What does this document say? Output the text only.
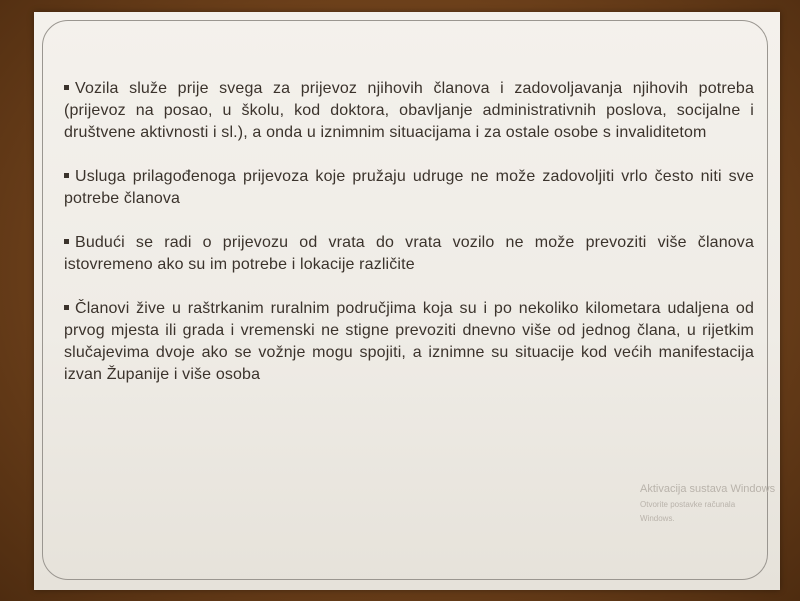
Vozila služe prije svega za prijevoz njihovih članova i zadovoljavanja njihovih potreba (prijevoz na posao, u školu, kod doktora, obavljanje administrativnih poslova, socijalne i društvene aktivnosti i sl.), a onda u iznimnim situacijama i za ostale osobe s invaliditetom
Usluga prilagođenoga prijevoza koje pružaju udruge ne može zadovoljiti vrlo često niti sve potrebe članova
Budući se radi o prijevozu od vrata do vrata vozilo ne može prevoziti više članova istovremeno ako su im potrebe i lokacije različite
Članovi žive u raštrkanim ruralnim područjima koja su i po nekoliko kilometara udaljena od prvog mjesta ili grada i vremenski ne stigne prevoziti dnevno više od jednog člana, u rijetkim slučajevima dvoje ako se vožnje mogu spojiti, a iznimne su situacije kod većih manifestacija izvan Županije i više osoba
Aktivacija sustava Windows
Otvorite postavke računala
Windows.
